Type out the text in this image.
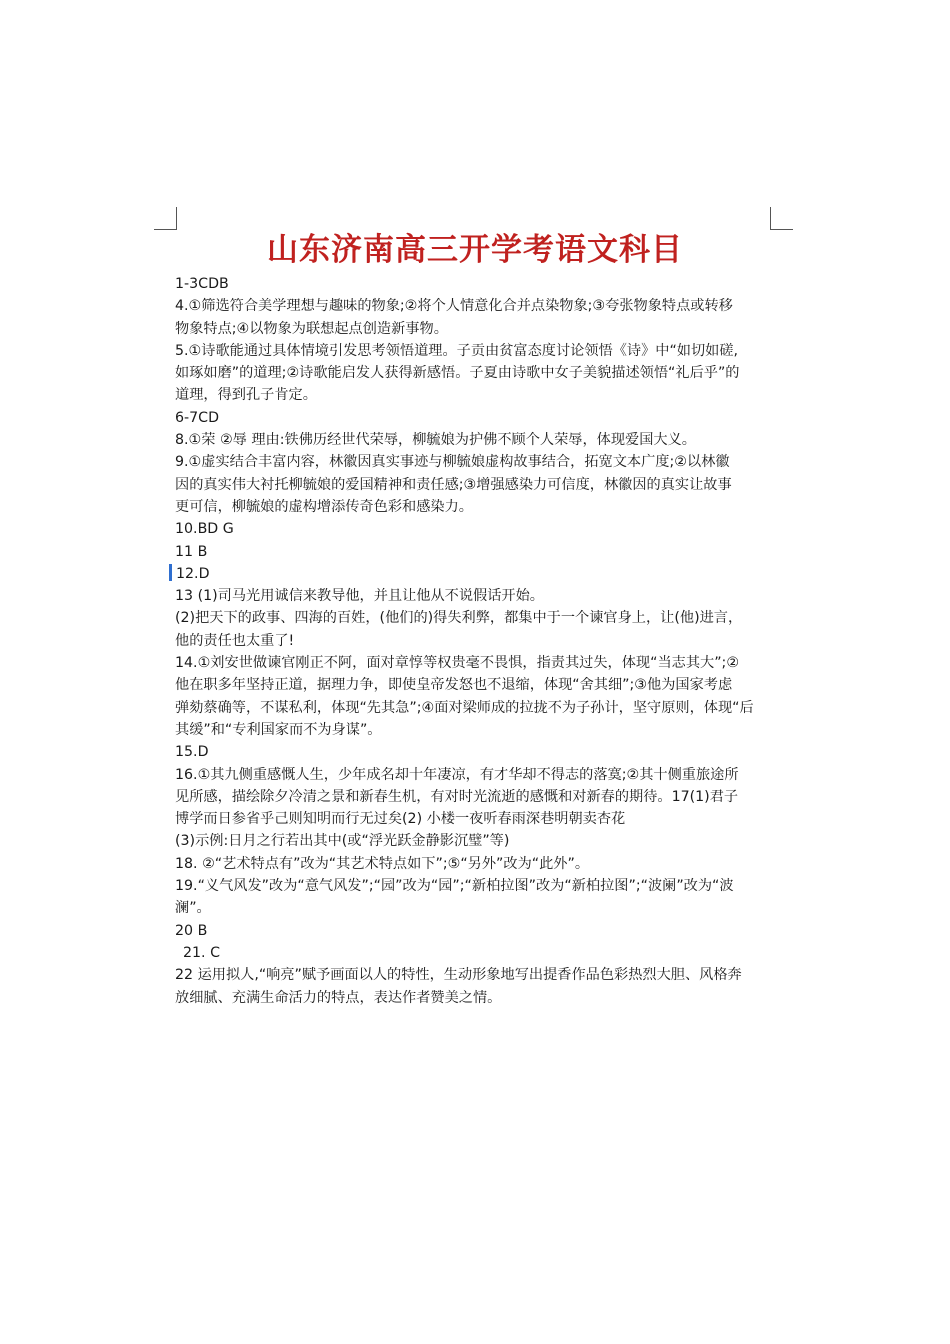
山东济南高三开学考语文科目
1-3CDB
4.①筛选符合美学理想与趣味的物象;②将个人情意化合并点染物象;③夸张物象特点或转移
物象特点;④以物象为联想起点创造新事物。
5.①诗歌能通过具体情境引发思考领悟道理。子贡由贫富态度讨论领悟《诗》中“如切如磋,
如琢如磨”的道理;②诗歌能启发人获得新感悟。子夏由诗歌中女子美貌描述领悟“礼后乎”的
道理，得到孔子肯定。
6-7CD
8.①荣 ②辱 理由:铁佛历经世代荣辱，柳毓娘为护佛不顾个人荣辱，体现爱国大义。
9.①虚实结合丰富内容，林徽因真实事迹与柳毓娘虚构故事结合，拓宽文本广度;②以林徽
因的真实伟大衬托柳毓娘的爱国精神和责任感;③增强感染力可信度，林徽因的真实让故事
更可信，柳毓娘的虚构增添传奇色彩和感染力。
10.BD G
11 B
12.D
13 (1)司马光用诚信来教导他，并且让他从不说假话开始。
(2)把天下的政事、四海的百姓，(他们的)得失利弊，都集中于一个谏官身上，让(他)进言，
他的责任也太重了!
14.①刘安世做谏官刚正不阿，面对章惇等权贵毫不畏惧，指责其过失，体现“当志其大”;②
他在职多年坚持正道，据理力争，即使皇帝发怒也不退缩，体现“舍其细”;③他为国家考虑
弹劾蔡确等，不谋私利，体现“先其急”;④面对梁师成的拉拢不为子孙计，坚守原则，体现“后
其缓”和“专利国家而不为身谋”。
15.D
16.①其九侧重感慨人生，少年成名却十年凄凉，有才华却不得志的落寞;②其十侧重旅途所
见所感，描绘除夕冷清之景和新春生机，有对时光流逝的感慨和对新春的期待。17(1)君子
博学而日参省乎己则知明而行无过矣(2) 小楼一夜听春雨深巷明朝卖杏花
(3)示例:日月之行若出其中(或“浮光跃金静影沉璧”等)
18. ②“艺术特点有”改为“其艺术特点如下”;⑤“另外”改为“此外”。
19.“义气风发”改为“意气风发”;“园”改为“园”;“新柏拉图”改为“新柏拉图”;“波阑”改为“波
澜”。
20 B
21. C
22 运用拟人,“响亮”赋予画面以人的特性，生动形象地写出提香作品色彩热烈大胆、风格奔
放细腻、充满生命活力的特点，表达作者赞美之情。
